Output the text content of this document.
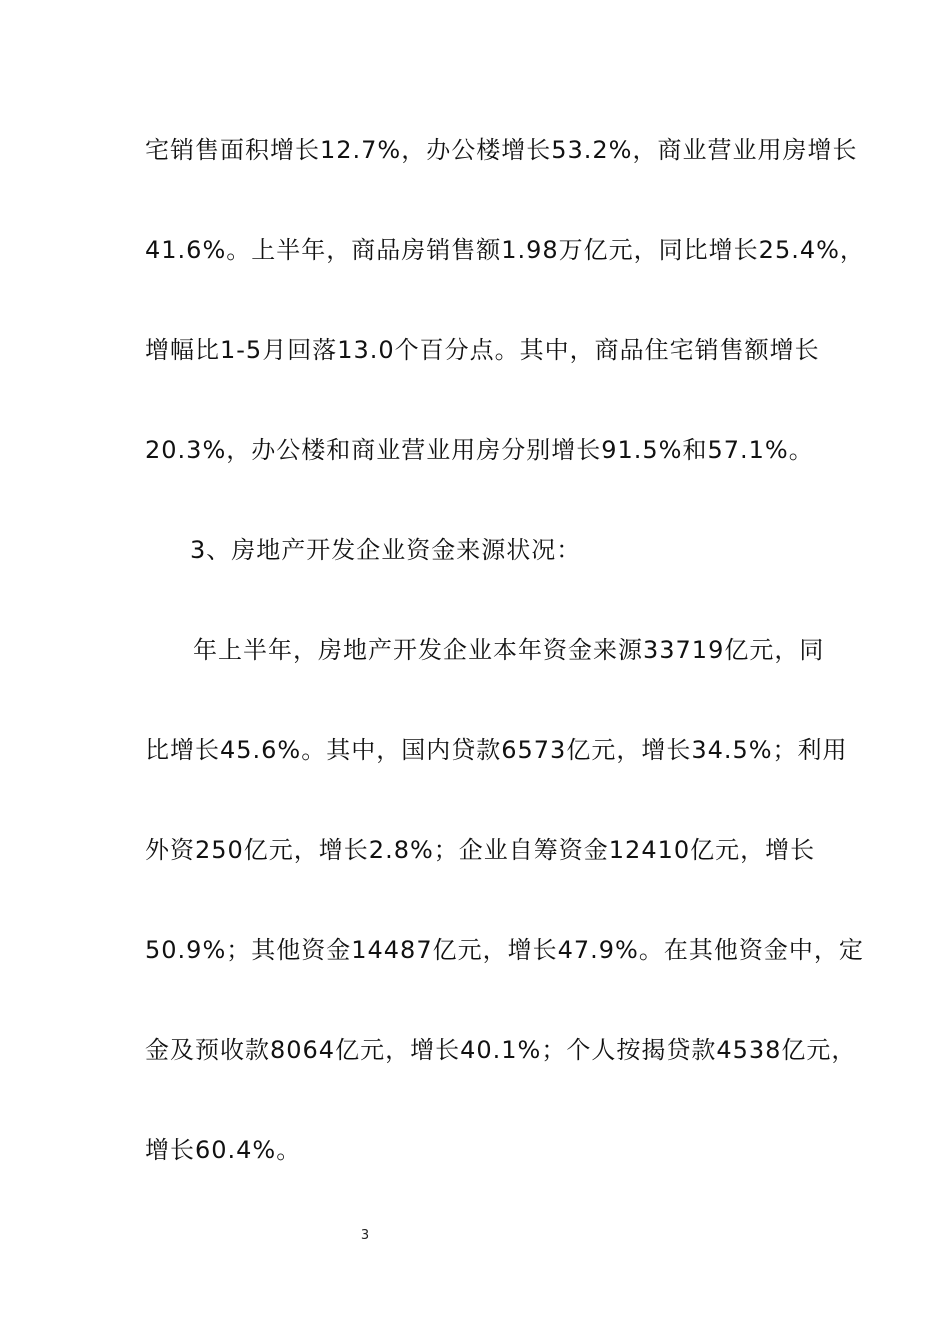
宅销售面积增长12.7%，办公楼增长53.2%，商业营业用房增长
41.6%。上半年，商品房销售额1.98万亿元，同比增长25.4%，
增幅比1-5月回落13.0个百分点。其中，商品住宅销售额增长
20.3%，办公楼和商业营业用房分别增长91.5%和57.1%。
3、房地产开发企业资金来源状况：
年上半年，房地产开发企业本年资金来源33719亿元，同
比增长45.6%。其中，国内贷款6573亿元，增长34.5%；利用
外资250亿元，增长2.8%；企业自筹资金12410亿元，增长
50.9%；其他资金14487亿元，增长47.9%。在其他资金中，定
金及预收款8064亿元，增长40.1%；个人按揭贷款4538亿元，
增长60.4%。
3
